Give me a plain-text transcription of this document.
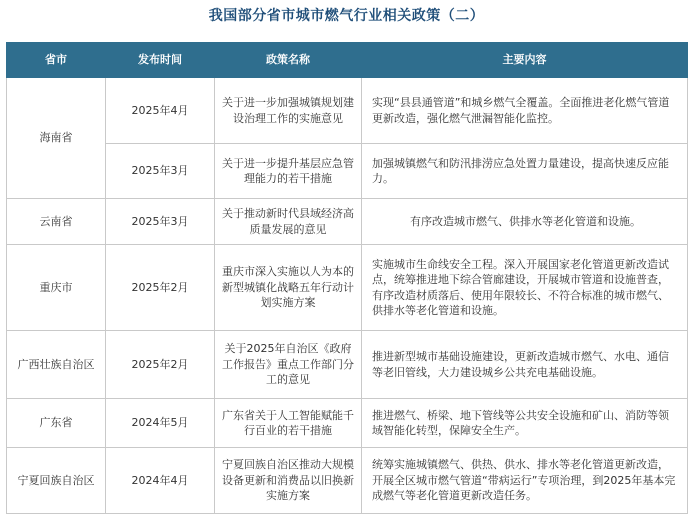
我国部分省市城市燃气行业相关政策（二）
省市	发布时间	政策名称	主要内容
海南省	2025年4月	关于进一步加强城镇规划建设治理工作的实施意见	实现“县县通管道”和城乡燃气全覆盖。全面推进老化燃气管道更新改造，强化燃气泄漏智能化监控。
	2025年3月	关于进一步提升基层应急管理能力的若干措施	加强城镇燃气和防汛排涝应急处置力量建设，提高快速反应能力。
云南省	2025年3月	关于推动新时代县域经济高质量发展的意见	有序改造城市燃气、供排水等老化管道和设施。
重庆市	2025年2月	重庆市深入实施以人为本的新型城镇化战略五年行动计划实施方案	实施城市生命线安全工程。深入开展国家老化管道更新改造试点，统筹推进地下综合管廊建设，开展城市管道和设施普查，有序改造材质落后、使用年限较长、不符合标准的城市燃气、供排水等老化管道和设施。
广西壮族自治区	2025年2月	关于2025年自治区《政府工作报告》重点工作部门分工的意见	推进新型城市基础设施建设，更新改造城市燃气、水电、通信等老旧管线，大力建设城乡公共充电基础设施。
广东省	2024年5月	广东省关于人工智能赋能千行百业的若干措施	推进燃气、桥梁、地下管线等公共安全设施和矿山、消防等领域智能化转型，保障安全生产。
宁夏回族自治区	2024年4月	宁夏回族自治区推动大规模设备更新和消费品以旧换新实施方案	统筹实施城镇燃气、供热、供水、排水等老化管道更新改造，开展全区城市燃气管道“带病运行”专项治理，到2025年基本完成燃气等老化管道更新改造任务。
